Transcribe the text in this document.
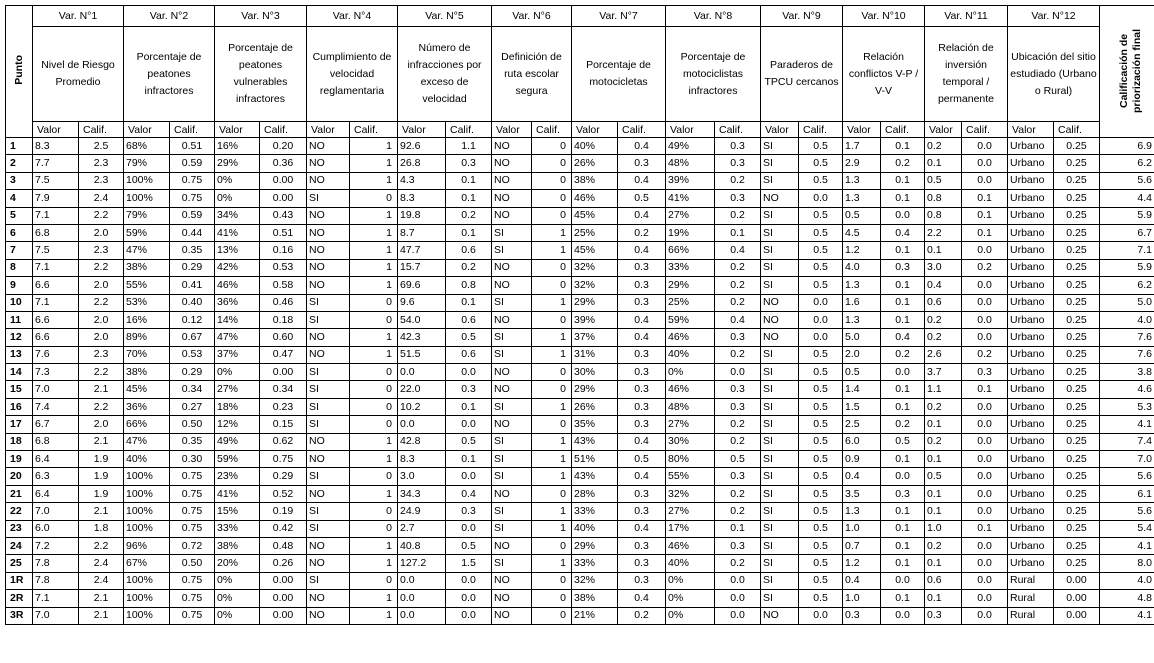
Punto	Var. N°1		Var. N°2		Var. N°3		Var. N°4		Var. N°5		Var. N°6		Var. N°7		Var. N°8		Var. N°9		Var. N°10		Var. N°11		Var. N°12		Calificación de priorización final
	Nivel de Riesgo Promedio		Porcentaje de peatones infractores		Porcentaje de peatones vulnerables infractores		Cumplimiento de velocidad reglamentaria		Número de infracciones por exceso de velocidad		Definición de ruta escolar segura		Porcentaje de motocicletas		Porcentaje de motociclistas infractores		Paraderos de TPCU cercanos		Relación conflictos V-P / V-V		Relación de inversión temporal / permanente		Ubicación del sitio estudiado (Urbano o Rural)		
	Valor	Calif.	Valor	Calif.	Valor	Calif.	Valor	Calif.	Valor	Calif.	Valor	Calif.	Valor	Calif.	Valor	Calif.	Valor	Calif.	Valor	Calif.	Valor	Calif.	Valor	Calif.	
1	8.3	2.5	68%	0.51	16%	0.20	NO	1	92.6	1.1	NO	0	40%	0.4	49%	0.3	SI	0.5	1.7	0.1	0.2	0.0	Urbano	0.25	6.9
2	7.7	2.3	79%	0.59	29%	0.36	NO	1	26.8	0.3	NO	0	26%	0.3	48%	0.3	SI	0.5	2.9	0.2	0.1	0.0	Urbano	0.25	6.2
3	7.5	2.3	100%	0.75	0%	0.00	NO	1	4.3	0.1	NO	0	38%	0.4	39%	0.2	SI	0.5	1.3	0.1	0.5	0.0	Urbano	0.25	5.6
4	7.9	2.4	100%	0.75	0%	0.00	SI	0	8.3	0.1	NO	0	46%	0.5	41%	0.3	NO	0.0	1.3	0.1	0.8	0.1	Urbano	0.25	4.4
5	7.1	2.2	79%	0.59	34%	0.43	NO	1	19.8	0.2	NO	0	45%	0.4	27%	0.2	SI	0.5	0.5	0.0	0.8	0.1	Urbano	0.25	5.9
6	6.8	2.0	59%	0.44	41%	0.51	NO	1	8.7	0.1	SI	1	25%	0.2	19%	0.1	SI	0.5	4.5	0.4	2.2	0.1	Urbano	0.25	6.7
7	7.5	2.3	47%	0.35	13%	0.16	NO	1	47.7	0.6	SI	1	45%	0.4	66%	0.4	SI	0.5	1.2	0.1	0.1	0.0	Urbano	0.25	7.1
8	7.1	2.2	38%	0.29	42%	0.53	NO	1	15.7	0.2	NO	0	32%	0.3	33%	0.2	SI	0.5	4.0	0.3	3.0	0.2	Urbano	0.25	5.9
9	6.6	2.0	55%	0.41	46%	0.58	NO	1	69.6	0.8	NO	0	32%	0.3	29%	0.2	SI	0.5	1.3	0.1	0.4	0.0	Urbano	0.25	6.2
10	7.1	2.2	53%	0.40	36%	0.46	SI	0	9.6	0.1	SI	1	29%	0.3	25%	0.2	NO	0.0	1.6	0.1	0.6	0.0	Urbano	0.25	5.0
11	6.6	2.0	16%	0.12	14%	0.18	SI	0	54.0	0.6	NO	0	39%	0.4	59%	0.4	NO	0.0	1.3	0.1	0.2	0.0	Urbano	0.25	4.0
12	6.6	2.0	89%	0.67	47%	0.60	NO	1	42.3	0.5	SI	1	37%	0.4	46%	0.3	NO	0.0	5.0	0.4	0.2	0.0	Urbano	0.25	7.6
13	7.6	2.3	70%	0.53	37%	0.47	NO	1	51.5	0.6	SI	1	31%	0.3	40%	0.2	SI	0.5	2.0	0.2	2.6	0.2	Urbano	0.25	7.6
14	7.3	2.2	38%	0.29	0%	0.00	SI	0	0.0	0.0	NO	0	30%	0.3	0%	0.0	SI	0.5	0.5	0.0	3.7	0.3	Urbano	0.25	3.8
15	7.0	2.1	45%	0.34	27%	0.34	SI	0	22.0	0.3	NO	0	29%	0.3	46%	0.3	SI	0.5	1.4	0.1	1.1	0.1	Urbano	0.25	4.6
16	7.4	2.2	36%	0.27	18%	0.23	SI	0	10.2	0.1	SI	1	26%	0.3	48%	0.3	SI	0.5	1.5	0.1	0.2	0.0	Urbano	0.25	5.3
17	6.7	2.0	66%	0.50	12%	0.15	SI	0	0.0	0.0	NO	0	35%	0.3	27%	0.2	SI	0.5	2.5	0.2	0.1	0.0	Urbano	0.25	4.1
18	6.8	2.1	47%	0.35	49%	0.62	NO	1	42.8	0.5	SI	1	43%	0.4	30%	0.2	SI	0.5	6.0	0.5	0.2	0.0	Urbano	0.25	7.4
19	6.4	1.9	40%	0.30	59%	0.75	NO	1	8.3	0.1	SI	1	51%	0.5	80%	0.5	SI	0.5	0.9	0.1	0.1	0.0	Urbano	0.25	7.0
20	6.3	1.9	100%	0.75	23%	0.29	SI	0	3.0	0.0	SI	1	43%	0.4	55%	0.3	SI	0.5	0.4	0.0	0.5	0.0	Urbano	0.25	5.6
21	6.4	1.9	100%	0.75	41%	0.52	NO	1	34.3	0.4	NO	0	28%	0.3	32%	0.2	SI	0.5	3.5	0.3	0.1	0.0	Urbano	0.25	6.1
22	7.0	2.1	100%	0.75	15%	0.19	SI	0	24.9	0.3	SI	1	33%	0.3	27%	0.2	SI	0.5	1.3	0.1	0.1	0.0	Urbano	0.25	5.6
23	6.0	1.8	100%	0.75	33%	0.42	SI	0	2.7	0.0	SI	1	40%	0.4	17%	0.1	SI	0.5	1.0	0.1	1.0	0.1	Urbano	0.25	5.4
24	7.2	2.2	96%	0.72	38%	0.48	NO	1	40.8	0.5	NO	0	29%	0.3	46%	0.3	SI	0.5	0.7	0.1	0.2	0.0	Urbano	0.25	4.1
25	7.8	2.4	67%	0.50	20%	0.26	NO	1	127.2	1.5	SI	1	33%	0.3	40%	0.2	SI	0.5	1.2	0.1	0.1	0.0	Urbano	0.25	8.0
1R	7.8	2.4	100%	0.75	0%	0.00	SI	0	0.0	0.0	NO	0	32%	0.3	0%	0.0	SI	0.5	0.4	0.0	0.6	0.0	Rural	0.00	4.0
2R	7.1	2.1	100%	0.75	0%	0.00	NO	1	0.0	0.0	NO	0	38%	0.4	0%	0.0	SI	0.5	1.0	0.1	0.1	0.0	Rural	0.00	4.8
3R	7.0	2.1	100%	0.75	0%	0.00	NO	1	0.0	0.0	NO	0	21%	0.2	0%	0.0	NO	0.0	0.3	0.0	0.3	0.0	Rural	0.00	4.1
